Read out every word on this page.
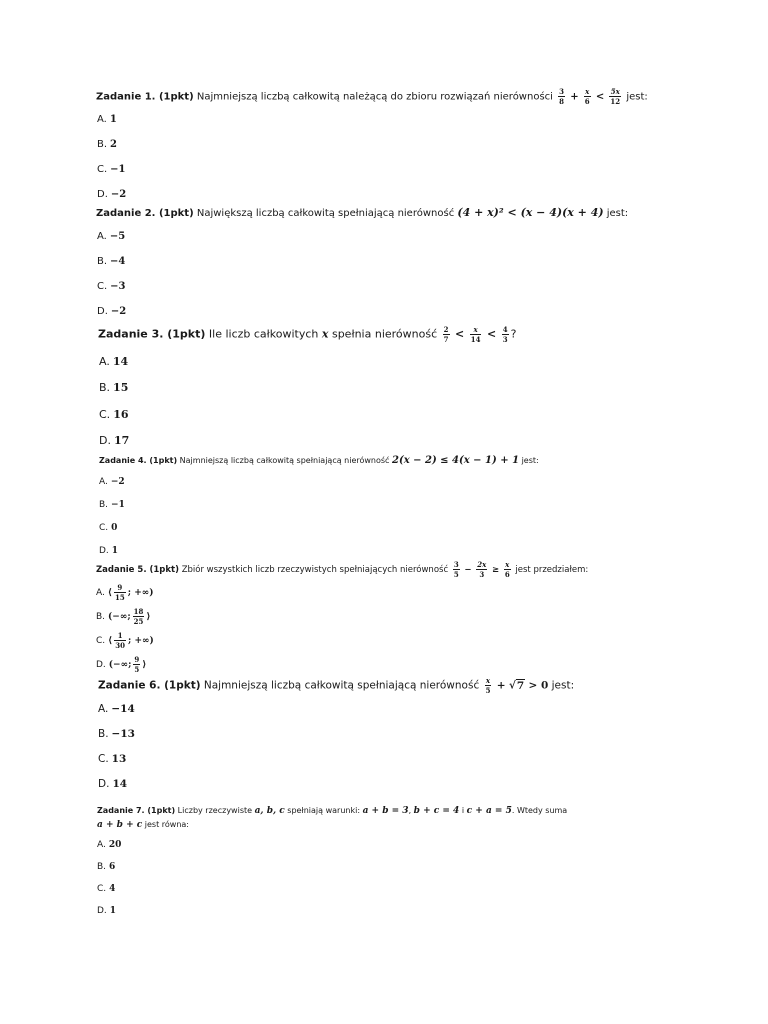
Zadanie 1. (1pkt) Najmniejszą liczbą całkowitą należącą do zbioru rozwiązań nierówności $\frac{3}{8} + \frac{x}{6} < \frac{5x}{12}$ jest:
A. 1
B. 2
C. −1
D. −2
Zadanie 2. (1pkt) Największą liczbą całkowitą spełniającą nierówność (4 + x)² < (x − 4)(x + 4) jest:
A. −5
B. −4
C. −3
D. −2
Zadanie 3. (1pkt) Ile liczb całkowitych x spełnia nierówność $\frac{2}{7} < \frac{x}{14} < \frac{4}{3}$ ?
A. 14
B. 15
C. 16
D. 17
Zadanie 4. (1pkt) Najmniejszą liczbą całkowitą spełniającą nierówność 2(x − 2) ≤ 4(x − 1) + 1 jest:
A. −2
B. −1
C. 0
D. 1
Zadanie 5. (1pkt) Zbiór wszystkich liczb rzeczywistych spełniających nierówność $\frac{3}{5} - \frac{2x}{3} \ge \frac{x}{6}$ jest przedziałem:
A. ⟨ $\frac{9}{15}$ ; +∞)
B. (−∞; $\frac{18}{25}$ ⟩
C. ⟨ $\frac{1}{30}$ ; +∞)
D. (−∞; $\frac{9}{5}$ ⟩
Zadanie 6. (1pkt) Najmniejszą liczbą całkowitą spełniającą nierówność $\frac{x}{5} + √7 > 0$ jest:
A. −14
B. −13
C. 13
D. 14
Zadanie 7. (1pkt) Liczby rzeczywiste a, b, c spełniają warunki: a + b = 3, b + c = 4 i c + a = 5. Wtedy suma
a + b + c jest równa:
A. 20
B. 6
C. 4
D. 1
